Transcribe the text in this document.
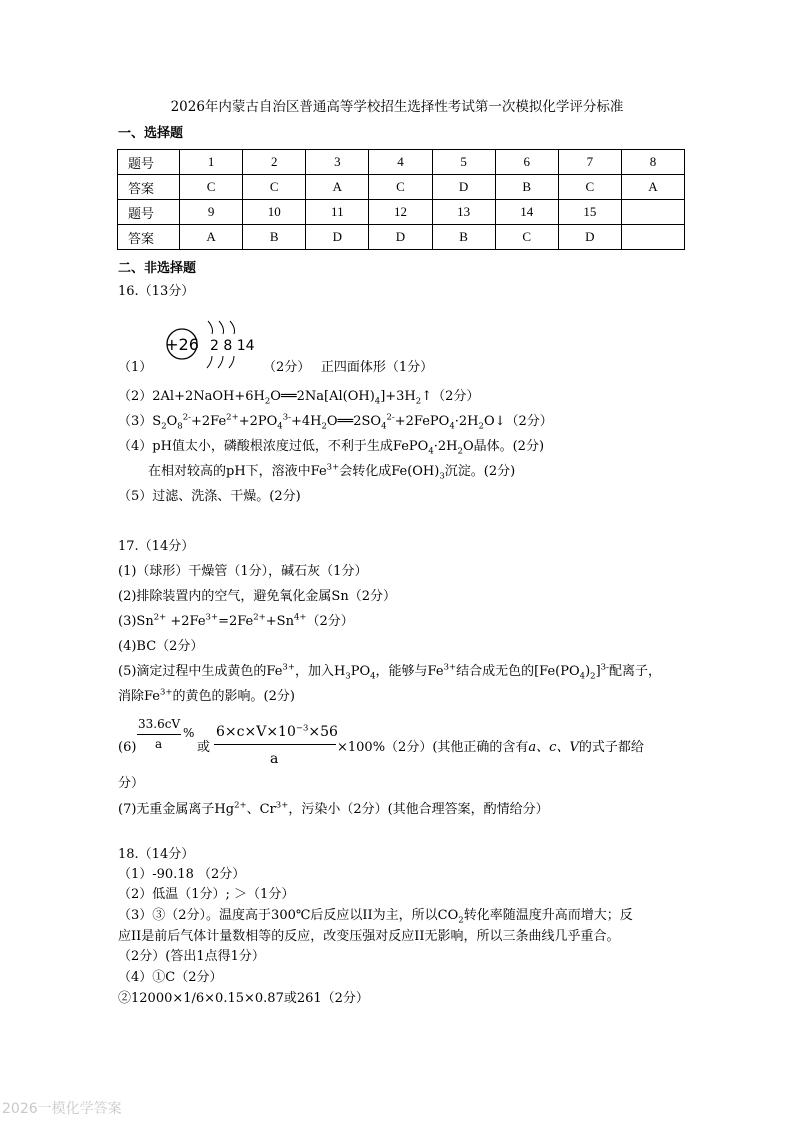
2026年内蒙古自治区普通高等学校招生选择性考试第一次模拟化学评分标准
一、选择题
题号	1	2	3	4	5	6	7	8
答案	C	C	A	C	D	B	C	A
题号	9	10	11	12	13	14	15	
答案	A	B	D	D	B	C	D	
二、非选择题
16.（13分）
+26 2 8 14
（1）	（2分）　 正四面体形（1分）
$(2)2Al+2NaOH+6H_2O══2Na[Al(OH)_4]+3H_2↑(2$分）
$(3)S_2O_8^{2-}+2Fe^{2+}+2PO_4^{3-}+4H_2O══2SO_4^{2-}+2FePO_4\cdot 2H_2O↓(2$分）
（4）pH值太小，磷酸根浓度过低，不利于生成$FePO_4\cdot 2H_2O$晶体。(2分)
在相对较高的pH下，溶液中$Fe^{3+}$会转化成$Fe(OH)_3$沉淀。(2分)
（5）过滤、洗涤、干燥。(2分)
17.（14分）
(1)（球形）干燥管（1分），碱石灰（1分）
(2)排除装置内的空气，避免氧化金属Sn（2分）
$(3)Sn^{2+} +2Fe^{3+}=2Fe^{2+}+Sn^{4+}(2$分）
(4)BC（2分）
(5)滴定过程中生成黄色的$Fe^{3+}$，加入$H_3PO_4$，能够与$Fe^{3+}$结合成无色的$[Fe(PO_4)_2]^{3-}$配离子，
消除$Fe^{3+}$的黄色的影响。(2分)
(6)
33.6cV
a
%
或
$6\times c\times V\times 10^{-3}\times 56$
a
×100%（2分）(其他正确的含有a、c、V的式子都给
分）
(7)无重金属离子$Hg^{2+}$、$Cr^{3+}$，污染小（2分）(其他合理答案，酌情给分）
18.（14分）
（1）-90.18 （2分）
（2）低温（1分）; ＞（1分）
（3）③（2分）。温度高于300℃后反应以II为主，所以$CO_2$转化率随温度升高而增大；反
应II是前后气体计量数相等的反应，改变压强对反应II无影响，所以三条曲线几乎重合。
（2分）(答出1点得1分）
（4）①C（2分）
②12000×1/6×0.15×0.87或261（2分）
2026一模化学答案
